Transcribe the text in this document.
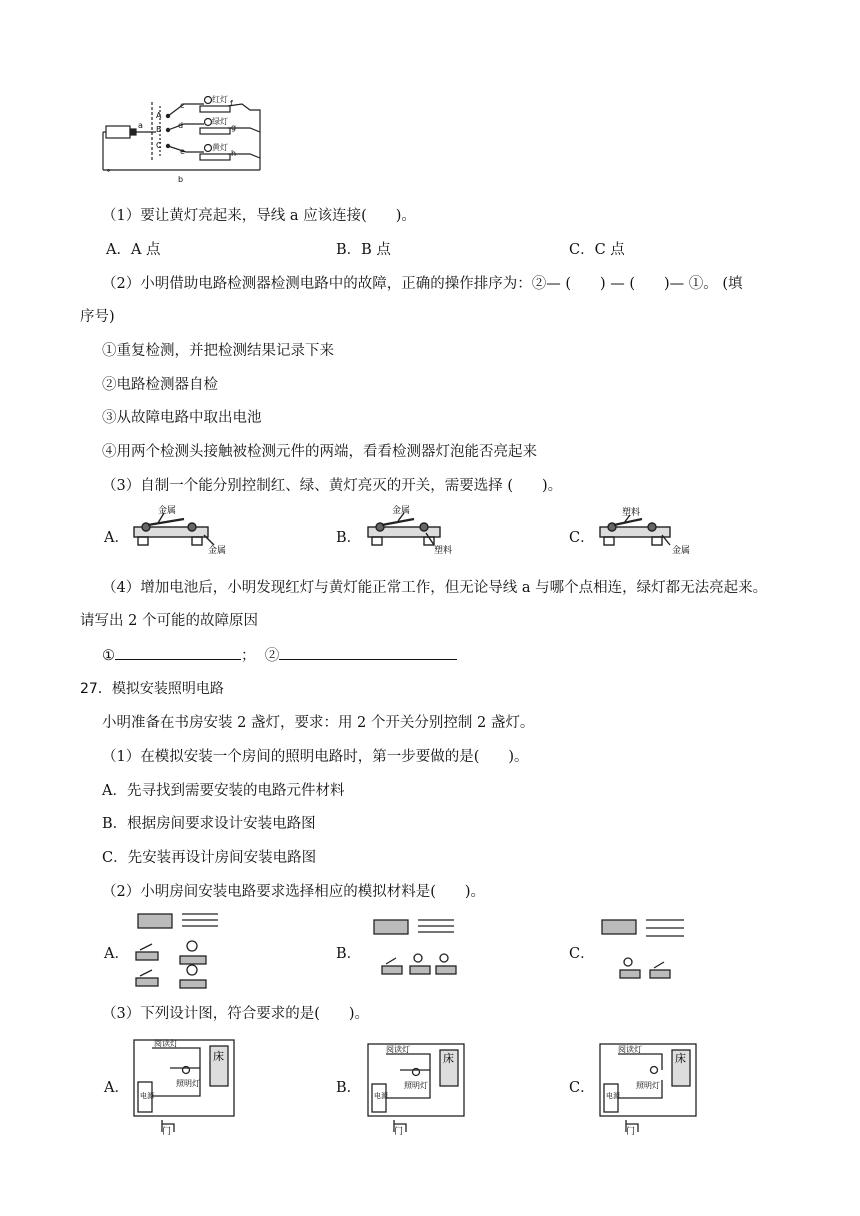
a
b
c
d
e
f
g
h
A
B
C
红灯
绿灯
黄灯
˚
（1）要让黄灯亮起来，导线 a 应该连接(　　)。
A．A 点	B．B 点	C．C 点
（2）小明借助电路检测器检测电路中的故障，正确的操作排序为：②— (　　) — (　　)— ①。 (填
序号)
①重复检测，并把检测结果记录下来
②电路检测器自检
③从故障电路中取出电池
④用两个检测头接触被检测元件的两端，看看检测器灯泡能否亮起来
（3）自制一个能分别控制红、绿、黄灯亮灭的开关，需要选择 (　　)。
A．	B．	C．
金属
金属
金属
塑料
塑料
金属
（4）增加电池后，小明发现红灯与黄灯能正常工作，但无论导线 a 与哪个点相连，绿灯都无法亮起来。
请写出 2 个可能的故障原因
①	； ②
27．模拟安装照明电路
小明准备在书房安装 2 盏灯，要求：用 2 个开关分别控制 2 盏灯。
（1）在模拟安装一个房间的照明电路时，第一步要做的是(　　)。
A．先寻找到需要安装的电路元件材料
B．根据房间要求设计安装电路图
C．先安装再设计房间安装电路图
（2）小明房间安装电路要求选择相应的模拟材料是(　　)。
A．	B．	C．
（3）下列设计图，符合要求的是(　　)。
A．	B．	C．
阅读灯
照明灯
床
电源
门
阅读灯
照明灯
床
电源
门
阅读灯
照明灯
床
电源
门
